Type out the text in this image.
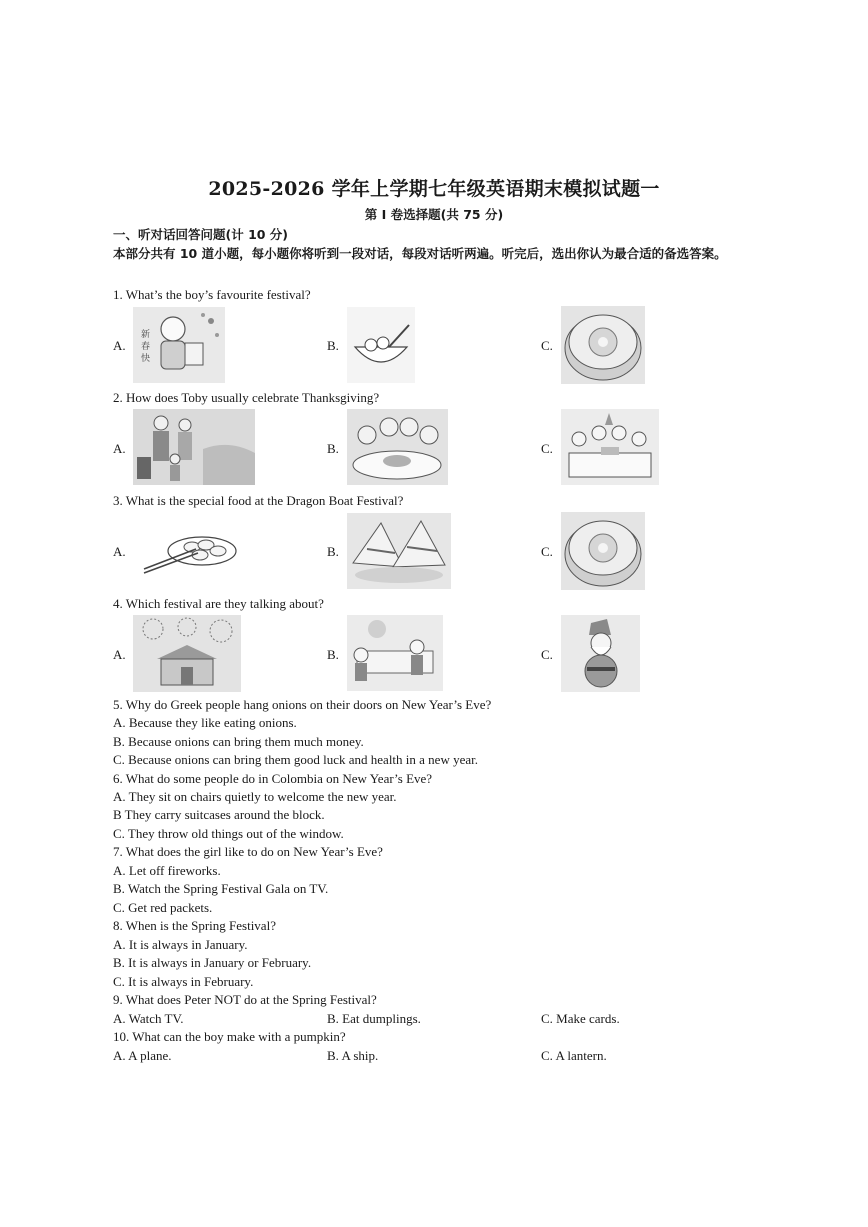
2025-2026 学年上学期七年级英语期末模拟试题一
第 I 卷选择题(共 75 分)
一、听对话回答问题(计 10 分)
本部分共有 10 道小题，每小题你将听到一段对话，每段对话听两遍。听完后，选出你认为最合适的备选答案。
1. What’s the boy’s favourite festival?
A.	B.	C.
新
春
快
2. How does Toby usually celebrate Thanksgiving?
A.	B.	C.
3. What is the special food at the Dragon Boat Festival?
A.	B.	C.
4. Which festival are they talking about?
A.	B.	C.
5. Why do Greek people hang onions on their doors on New Year’s Eve?
A. Because they like eating onions.
B. Because onions can bring them much money.
C. Because onions can bring them good luck and health in a new year.
6. What do some people do in Colombia on New Year’s Eve?
A. They sit on chairs quietly to welcome the new year.
B They carry suitcases around the block.
C. They throw old things out of the window.
7. What does the girl like to do on New Year’s Eve?
A. Let off fireworks.
B. Watch the Spring Festival Gala on TV.
C. Get red packets.
8. When is the Spring Festival?
A. It is always in January.
B. It is always in January or February.
C. It is always in February.
9. What does Peter NOT do at the Spring Festival?
A. Watch TV.	B. Eat dumplings.	C. Make cards.
10. What can the boy make with a pumpkin?
A. A plane.	B. A ship.	C. A lantern.
